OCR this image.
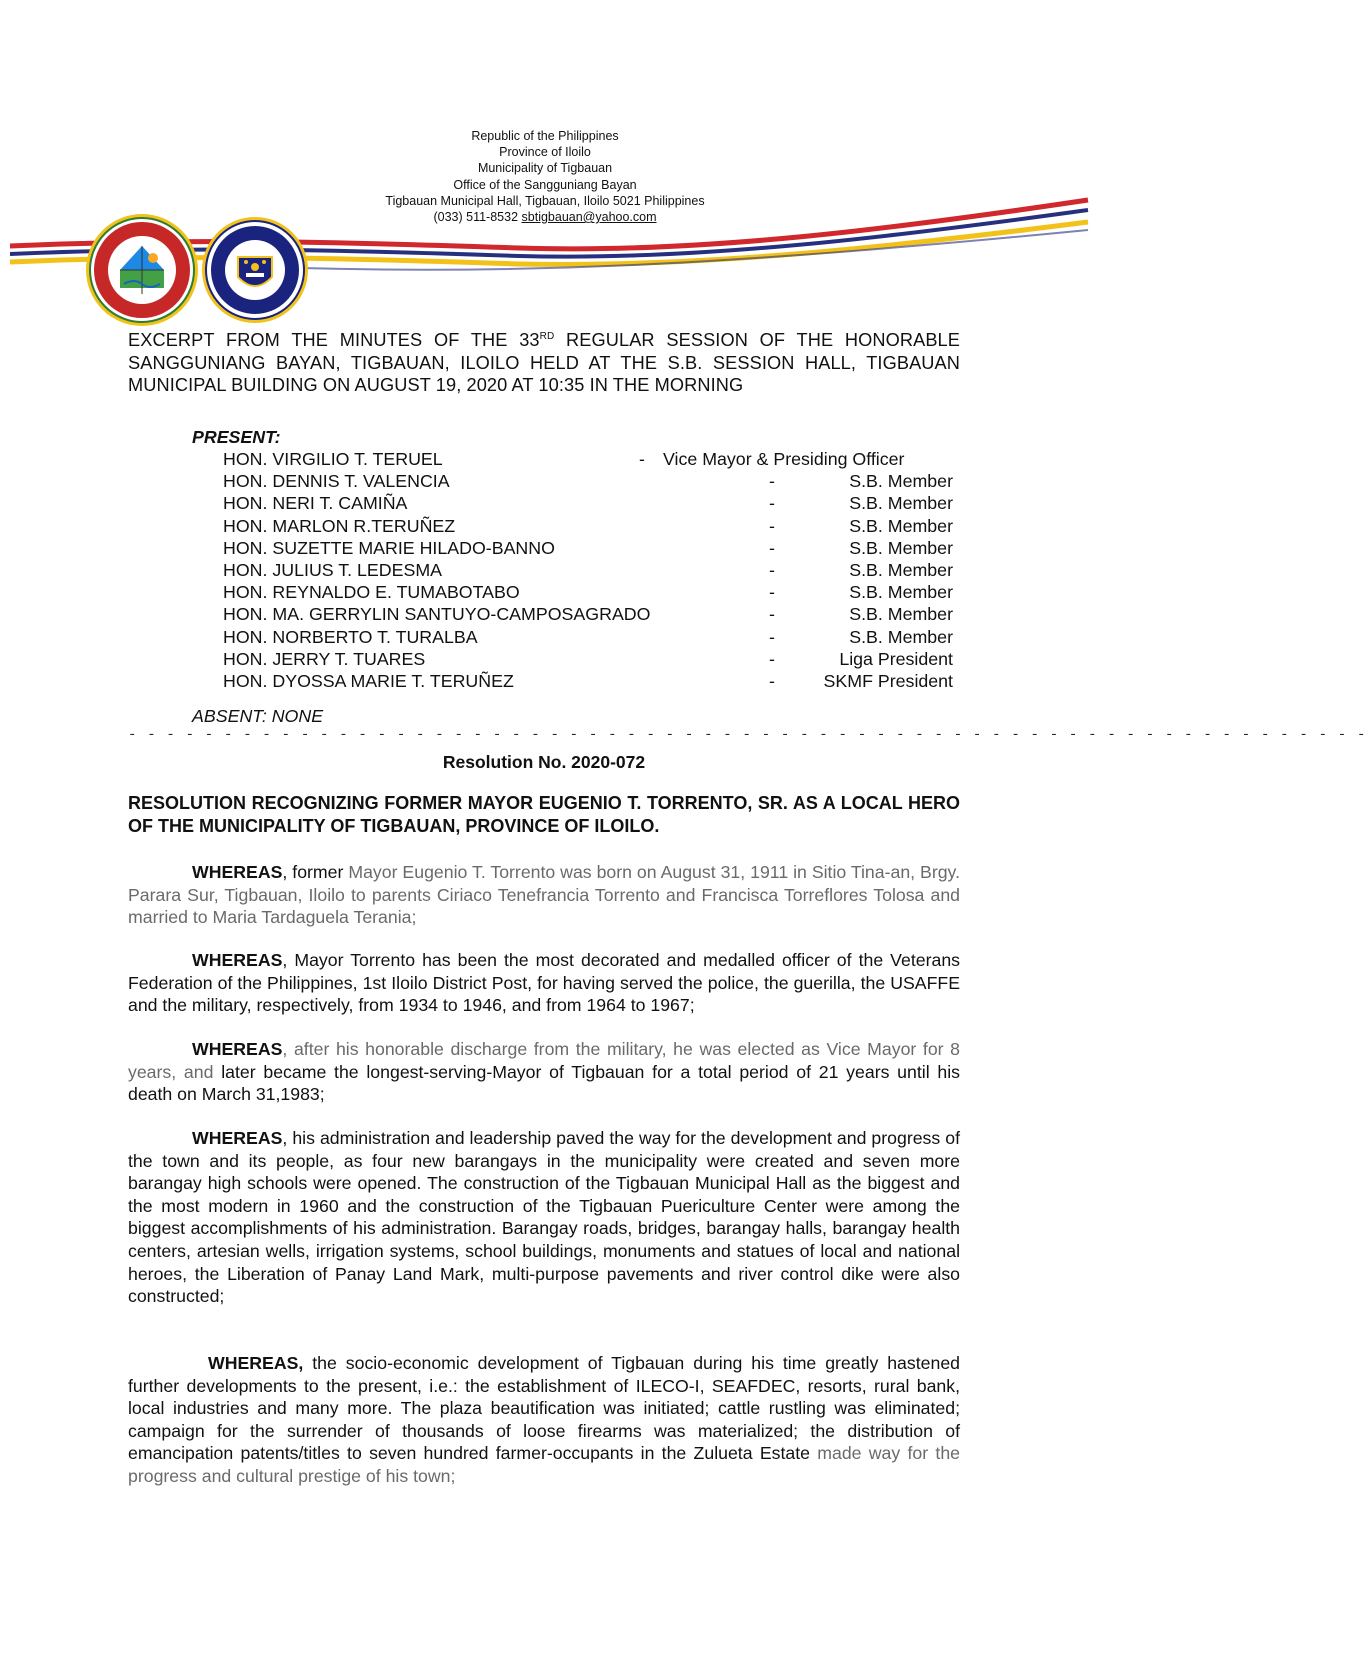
Republic of the Philippines
Province of Iloilo
Municipality of Tigbauan
Office of the Sangguniang Bayan
Tigbauan Municipal Hall, Tigbauan, Iloilo 5021 Philippines
(033) 511-8532 sbtigbauan@yahoo.com
EXCERPT FROM THE MINUTES OF THE 33RD REGULAR SESSION OF THE HONORABLE SANGGUNIANG BAYAN, TIGBAUAN, ILOILO HELD AT THE S.B. SESSION HALL, TIGBAUAN MUNICIPAL BUILDING ON AUGUST 19, 2020 AT 10:35 IN THE MORNING
PRESENT:
HON. VIRGILIO T. TERUEL	- Vice Mayor & Presiding Officer
HON. DENNIS T. VALENCIA	-	S.B. Member
HON. NERI T. CAMIÑA	-	S.B. Member
HON. MARLON R.TERUÑEZ	-	S.B. Member
HON. SUZETTE MARIE HILADO-BANNO	-	S.B. Member
HON. JULIUS T. LEDESMA	-	S.B. Member
HON. REYNALDO E. TUMABOTABO	-	S.B. Member
HON. MA. GERRYLIN SANTUYO-CAMPOSAGRADO	-	S.B. Member
HON. NORBERTO T. TURALBA	-	S.B. Member
HON. JERRY T. TUARES	-	Liga President
HON. DYOSSA MARIE T. TERUÑEZ	-	SKMF President
ABSENT: NONE
- - - - - - - - - - - - - - - - - - - - - - - - - - - - - - - - - - - - - - - - - - - - - - - - - - - - - - - - - - - - - - - - -
Resolution No. 2020-072
RESOLUTION RECOGNIZING FORMER MAYOR EUGENIO T. TORRENTO, SR. AS A LOCAL HERO OF THE MUNICIPALITY OF TIGBAUAN, PROVINCE OF ILOILO.
WHEREAS, former Mayor Eugenio T. Torrento was born on August 31, 1911 in Sitio Tina-an, Brgy. Parara Sur, Tigbauan, Iloilo to parents Ciriaco Tenefrancia Torrento and Francisca Torreflores Tolosa and married to Maria Tardaguela Terania;
WHEREAS, Mayor Torrento has been the most decorated and medalled officer of the Veterans Federation of the Philippines, 1st Iloilo District Post, for having served the police, the guerilla, the USAFFE and the military, respectively, from 1934 to 1946, and from 1964 to 1967;
WHEREAS, after his honorable discharge from the military, he was elected as Vice Mayor for 8 years, and later became the longest-serving-Mayor of Tigbauan for a total period of 21 years until his death on March 31,1983;
WHEREAS, his administration and leadership paved the way for the development and progress of the town and its people, as four new barangays in the municipality were created and seven more barangay high schools were opened. The construction of the Tigbauan Municipal Hall as the biggest and the most modern in 1960 and the construction of the Tigbauan Puericulture Center were among the biggest accomplishments of his administration. Barangay roads, bridges, barangay halls, barangay health centers, artesian wells, irrigation systems, school buildings, monuments and statues of local and national heroes, the Liberation of Panay Land Mark, multi-purpose pavements and river control dike were also constructed;
WHEREAS, the socio-economic development of Tigbauan during his time greatly hastened further developments to the present, i.e.: the establishment of ILECO-I, SEAFDEC, resorts, rural bank, local industries and many more. The plaza beautification was initiated; cattle rustling was eliminated; campaign for the surrender of thousands of loose firearms was materialized; the distribution of emancipation patents/titles to seven hundred farmer-occupants in the Zulueta Estate made way for the progress and cultural prestige of his town;
